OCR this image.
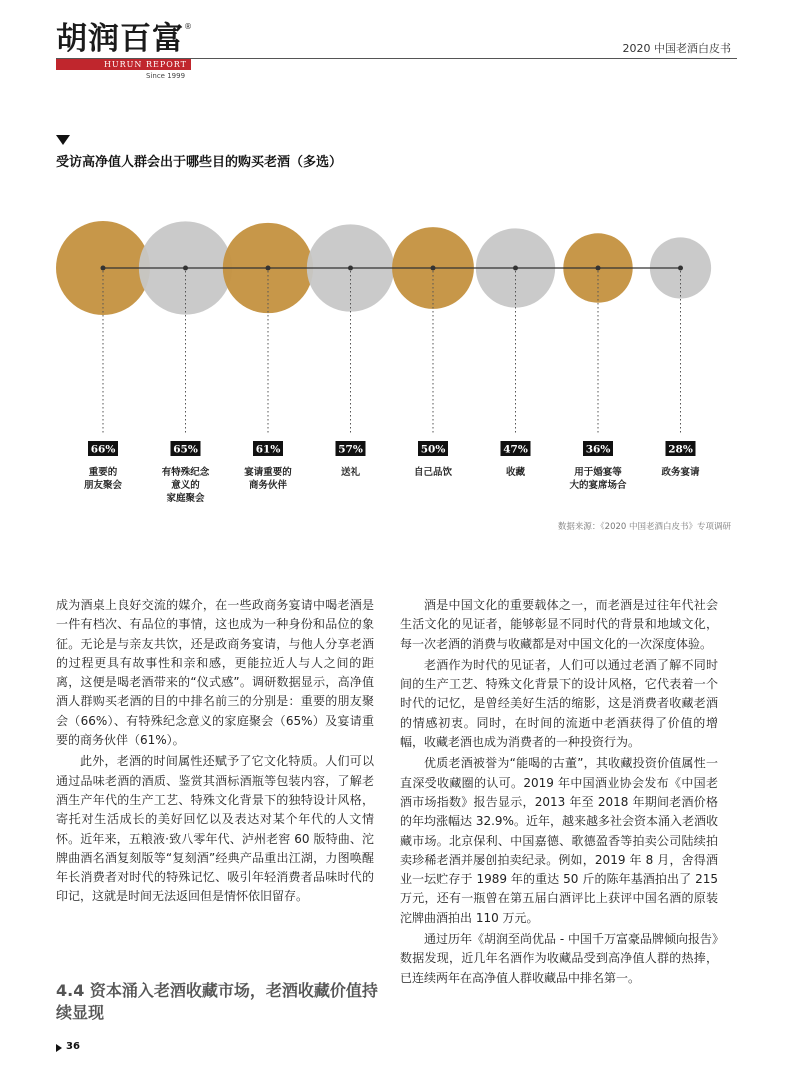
胡润百富 ®
HURUN REPORT
Since 1999
2020 中国老酒白皮书
受访高净值人群会出于哪些目的购买老酒（多选）
66%
重要的
朋友聚会
65%
有特殊纪念
意义的
家庭聚会
61%
宴请重要的
商务伙伴
57%
送礼
50%
自己品饮
47%
收藏
36%
用于婚宴等
大的宴席场合
28%
政务宴请
数据来源：《2020 中国老酒白皮书》专项调研

成为酒桌上良好交流的媒介，在一些政商务宴请中喝老酒是一件有档次、有品位的事情，这也成为一种身份和品位的象征。无论是与亲友共饮，还是政商务宴请，与他人分享老酒的过程更具有故事性和亲和感，更能拉近人与人之间的距离，这便是喝老酒带来的“仪式感”。调研数据显示，高净值酒人群购买老酒的目的中排名前三的分别是：重要的朋友聚会（66%）、有特殊纪念意义的家庭聚会（65%）及宴请重要的商务伙伴（61%）。

此外，老酒的时间属性还赋予了它文化特质。人们可以通过品味老酒的酒质、鉴赏其酒标酒瓶等包装内容，了解老酒生产年代的生产工艺、特殊文化背景下的独特设计风格，寄托对生活成长的美好回忆以及表达对某个年代的人文情怀。近年来，五粮液·致八零年代、泸州老窖 60 版特曲、沱牌曲酒名酒复刻版等“复刻酒”经典产品重出江湖，力图唤醒年长消费者对时代的特殊记忆、吸引年轻消费者品味时代的印记，这就是时间无法返回但是情怀依旧留存。

4.4 资本涌入老酒收藏市场，老酒收藏价值持续显现

酒是中国文化的重要载体之一，而老酒是过往年代社会生活文化的见证者，能够彰显不同时代的背景和地域文化，每一次老酒的消费与收藏都是对中国文化的一次深度体验。

老酒作为时代的见证者，人们可以通过老酒了解不同时间的生产工艺、特殊文化背景下的设计风格，它代表着一个时代的记忆，是曾经美好生活的缩影，这是消费者收藏老酒的情感初衷。同时，在时间的流逝中老酒获得了价值的增幅，收藏老酒也成为消费者的一种投资行为。

优质老酒被誉为“能喝的古董”，其收藏投资价值属性一直深受收藏圈的认可。2019 年中国酒业协会发布《中国老酒市场指数》报告显示，2013 年至 2018 年期间老酒价格的年均涨幅达 32.9%。近年，越来越多社会资本涌入老酒收藏市场。北京保利、中国嘉德、歌德盈香等拍卖公司陆续拍卖珍稀老酒并屡创拍卖纪录。例如，2019 年 8 月，舍得酒业一坛贮存于 1989 年的重达 50 斤的陈年基酒拍出了 215 万元，还有一瓶曾在第五届白酒评比上获评中国名酒的原装沱牌曲酒拍出 110 万元。

通过历年《胡润至尚优品 - 中国千万富豪品牌倾向报告》数据发现，近几年名酒作为收藏品受到高净值人群的热捧，已连续两年在高净值人群收藏品中排名第一。

36
